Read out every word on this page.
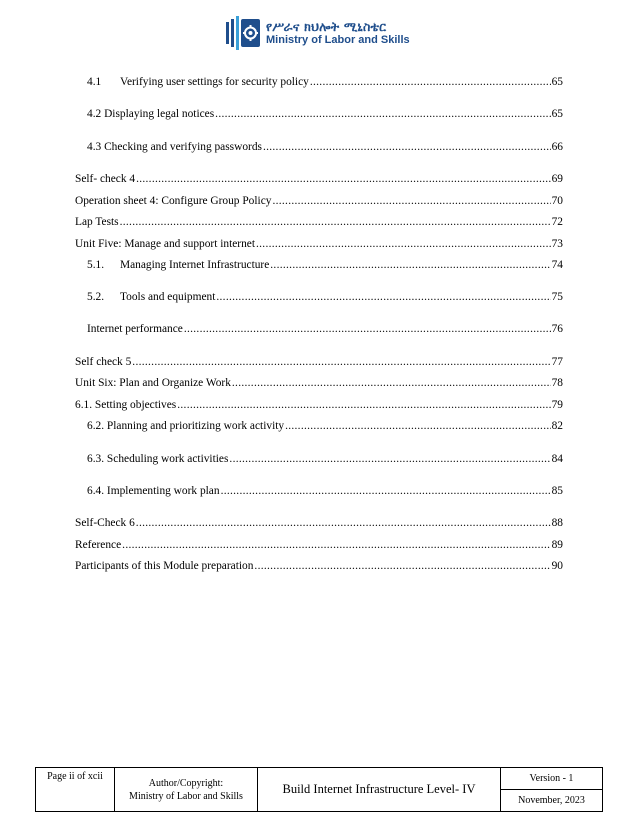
የሥራና ክህሎት ሚኒስቴር
Ministry of Labor and Skills
4.1	Verifying user settings for security policy .....	65
4.2 Displaying legal notices .....	65
4.3 Checking and verifying passwords .....	66
Self- check 4 .....	69
Operation sheet 4: Configure Group Policy .....	70
Lap Tests .....	72
Unit Five: Manage and support internet .....	73
5.1.	Managing Internet Infrastructure .....	74
5.2.	Tools and equipment .....	75
Internet performance .....	76
Self check 5 .....	77
Unit Six: Plan and Organize Work .....	78
6.1. Setting objectives .....	79
6.2. Planning and prioritizing work activity .....	82
6.3. Scheduling work activities .....	84
6.4. Implementing work plan .....	85
Self-Check 6 .....	88
Reference .....	89
Participants of this Module preparation .....	90
Page ii of xcii	
Author/Copyright:
Ministry of Labor and Skills	Build Internet Infrastructure Level- IV	Version - 1
November, 2023
